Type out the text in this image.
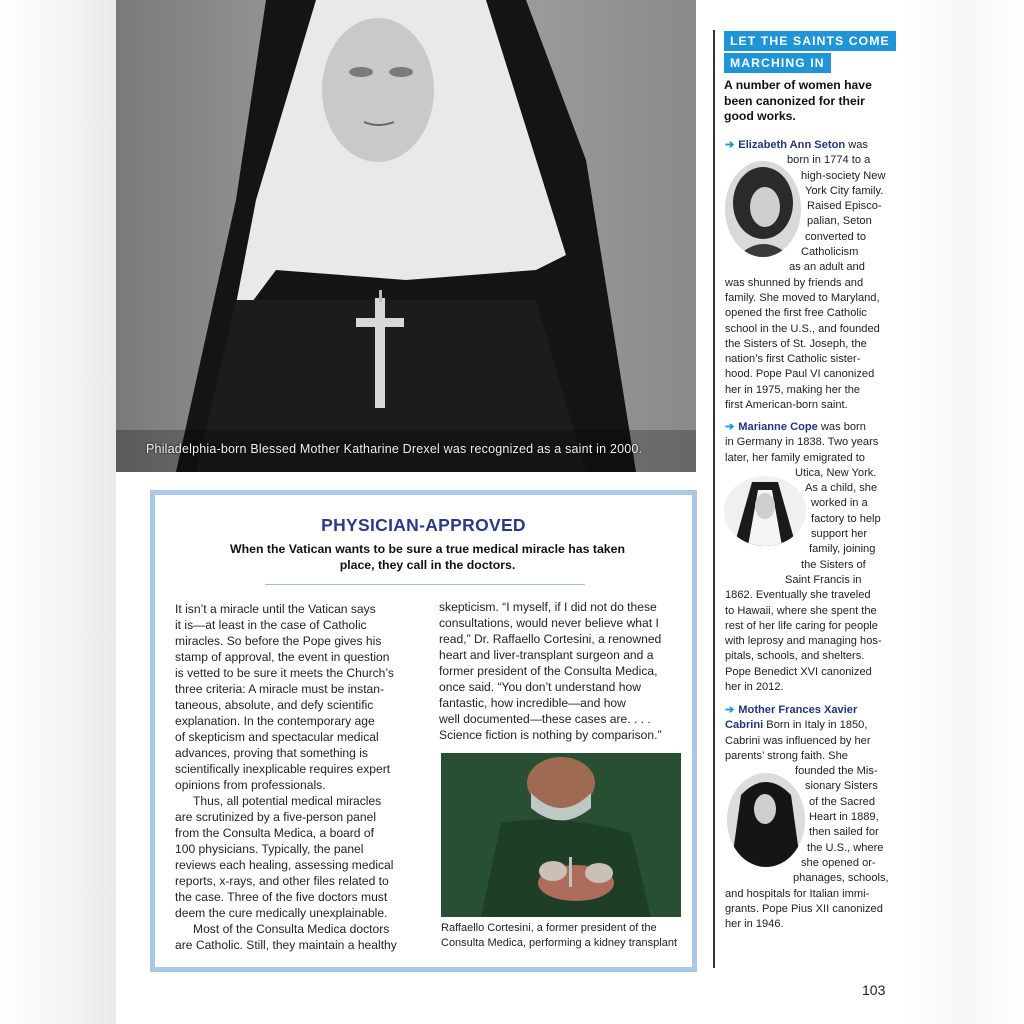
Philadelphia-born Blessed Mother Katharine Drexel was recognized as a saint in 2000.
PHYSICIAN-APPROVED
When the Vatican wants to be sure a true medical miracle has taken place, they call in the doctors.

It isn’t a miracle until the Vatican says

it is—at least in the case of Catholic

miracles. So before the Pope gives his

stamp of approval, the event in question

is vetted to be sure it meets the Church’s

three criteria: A miracle must be instan-

taneous, absolute, and defy scientific

explanation. In the contemporary age

of skepticism and spectacular medical

advances, proving that something is

scientifically inexplicable requires expert

opinions from professionals.

Thus, all potential medical miracles

are scrutinized by a five-person panel

from the Consulta Medica, a board of

100 physicians. Typically, the panel

reviews each healing, assessing medical

reports, x-rays, and other files related to

the case. Three of the five doctors must

deem the cure medically unexplainable.

Most of the Consulta Medica doctors

are Catholic. Still, they maintain a healthy

skepticism. “I myself, if I did not do these

consultations, would never believe what I

read,” Dr. Raffaello Cortesini, a renowned

heart and liver-transplant surgeon and a

former president of the Consulta Medica,

once said. “You don’t understand how

fantastic, how incredible—and how

well documented—these cases are. . . .

Science fiction is nothing by comparison.”

Raffaello Cortesini, a former president of the Consulta Medica, performing a kidney transplant
LET THE SAINTS COME
MARCHING IN
A number of women have been canonized for their good works.
➔ Elizabeth Ann Seton was
born in 1774 to a
high-society New
York City family.
Raised Episco-
palian, Seton
converted to
Catholicism
as an adult and
was shunned by friends and
family. She moved to Maryland,
opened the first free Catholic
school in the U.S., and founded
the Sisters of St. Joseph, the
nation’s first Catholic sister-
hood. Pope Paul VI canonized
her in 1975, making her the
first American-born saint.
➔ Marianne Cope was born
in Germany in 1838. Two years
later, her family emigrated to
Utica, New York.
As a child, she
worked in a
factory to help
support her
family, joining
the Sisters of
Saint Francis in
1862. Eventually she traveled
to Hawaii, where she spent the
rest of her life caring for people
with leprosy and managing hos-
pitals, schools, and shelters.
Pope Benedict XVI canonized
her in 2012.
➔ Mother Frances Xavier
Cabrini Born in Italy in 1850,
Cabrini was influenced by her
parents’ strong faith. She
founded the Mis-
sionary Sisters
of the Sacred
Heart in 1889,
then sailed for
the U.S., where
she opened or-
phanages, schools,
and hospitals for Italian immi-
grants. Pope Pius XII canonized
her in 1946.
103
